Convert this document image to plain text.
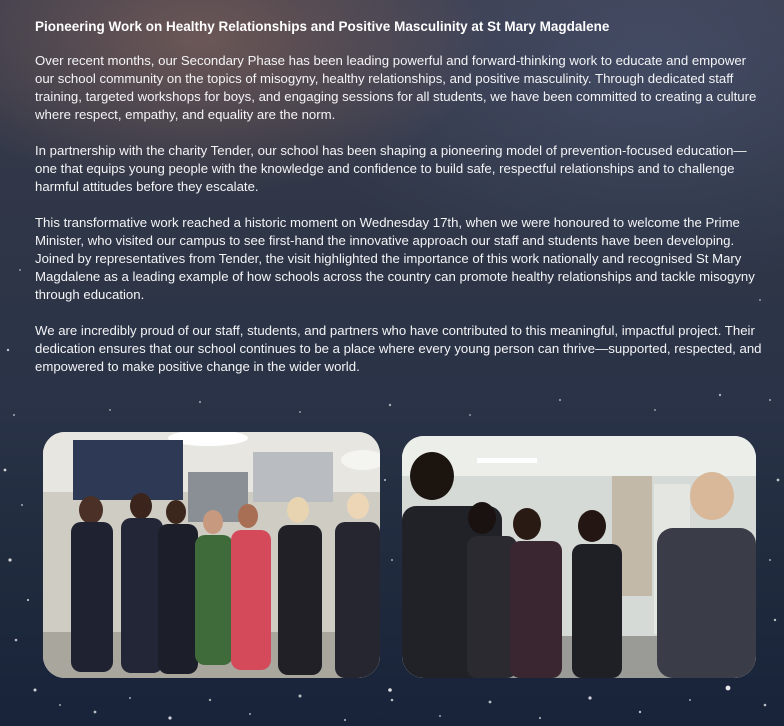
Pioneering Work on Healthy Relationships and Positive Masculinity at St Mary Magdalene

Over recent months, our Secondary Phase has been leading powerful and forward-thinking work to educate and empower our school community on the topics of misogyny, healthy relationships, and positive masculinity. Through dedicated staff training, targeted workshops for boys, and engaging sessions for all students, we have been committed to creating a culture where respect, empathy, and equality are the norm.

In partnership with the charity Tender, our school has been shaping a pioneering model of prevention-focused education—one that equips young people with the knowledge and confidence to build safe, respectful relationships and to challenge harmful attitudes before they escalate.

This transformative work reached a historic moment on Wednesday 17th, when we were honoured to welcome the Prime Minister, who visited our campus to see first-hand the innovative approach our staff and students have been developing. Joined by representatives from Tender, the visit highlighted the importance of this work nationally and recognised St Mary Magdalene as a leading example of how schools across the country can promote healthy relationships and tackle misogyny through education.

We are incredibly proud of our staff, students, and partners who have contributed to this meaningful, impactful project. Their dedication ensures that our school continues to be a place where every young person can thrive—supported, respected, and empowered to make positive change in the wider world.
